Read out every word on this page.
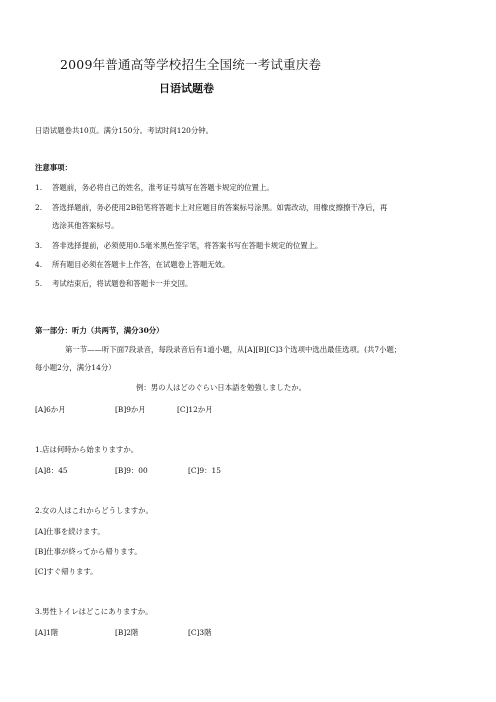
2009年普通高等学校招生全国统一考试重庆卷
日语试题卷
日语试题卷共10页。满分150分。考试时间120分钟。
注意事项：
1. 答题前，务必将自己的姓名，准考证号填写在答题卡规定的位置上。
2. 答选择题前，务必使用2B铅笔将答题卡上对应题目的答案标号涂黑。如需改动，用橡皮擦擦干净后，再
选涂其他答案标号。
3. 答非选择提前，必须使用0.5毫米黑色签字笔，将答案书写在答题卡规定的位置上。
4. 所有题目必须在答题卡上作答，在试题卷上答题无效。
5. 考试结束后，将试题卷和答题卡一并交回。
第一部分：听力（共两节，满分30分）
第一节——听下面7段录音，每段录音后有1道小题，从[A][B][C]3个选项中选出最佳选项。(共7小题；
每小题2分，满分14分）
例：男の人はどのぐらい日本語を勉強しましたか。
[A]6か月	[B]9か月	[C]12か月
1.店は何時から始まりますか。
[A]8：45	[B]9：00	[C]9：15
2.女の人はこれからどうしますか。
[A]仕事を続けます。
[B]仕事が終ってから帰ります。
[C]すぐ帰ります。
3.男性トイレはどこにありますか。
[A]1階	[B]2階	[C]3階
